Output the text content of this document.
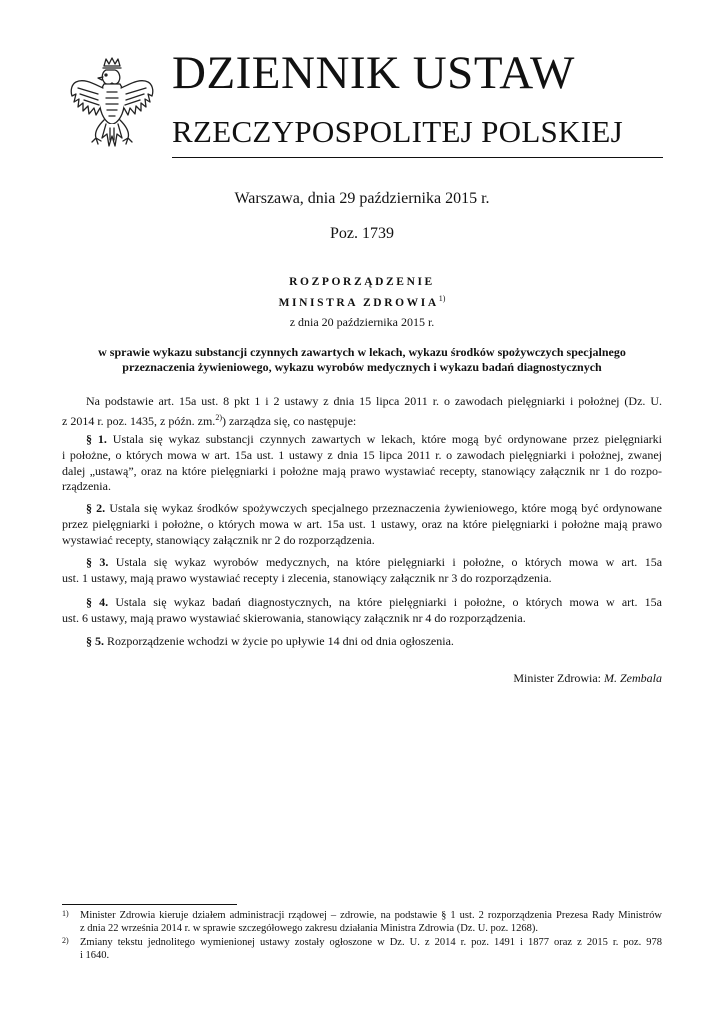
DZIENNIK USTAW
RZECZYPOSPOLITEJ POLSKIEJ
Warszawa, dnia 29 października 2015 r.
Poz. 1739
ROZPORZĄDZENIE
MINISTRA ZDROWIA$^{1)}$
z dnia 20 października 2015 r.
w sprawie wykazu substancji czynnych zawartych w lekach, wykazu środków spożywczych specjalnego
przeznaczenia żywieniowego, wykazu wyrobów medycznych i wykazu badań diagnostycznych
Na podstawie art. 15a ust. 8 pkt 1 i 2 ustawy z dnia 15 lipca 2011 r. o zawodach pielęgniarki i położnej (Dz. U.
z 2014 r. poz. 1435, z późn. zm.$^{2)}$) zarządza się, co następuje:
§ 1. Ustala się wykaz substancji czynnych zawartych w lekach, które mogą być ordynowane przez pielęgniarki
i położne, o których mowa w art. 15a ust. 1 ustawy z dnia 15 lipca 2011 r. o zawodach pielęgniarki i położnej, zwanej
dalej „ustawą”, oraz na które pielęgniarki i położne mają prawo wystawiać recepty, stanowiący załącznik nr 1 do rozpo-
rządzenia.
§ 2. Ustala się wykaz środków spożywczych specjalnego przeznaczenia żywieniowego, które mogą być ordynowane
przez pielęgniarki i położne, o których mowa w art. 15a ust. 1 ustawy, oraz na które pielęgniarki i położne mają prawo
wystawiać recepty, stanowiący załącznik nr 2 do rozporządzenia.
§ 3. Ustala się wykaz wyrobów medycznych, na które pielęgniarki i położne, o których mowa w art. 15a
ust. 1 ustawy, mają prawo wystawiać recepty i zlecenia, stanowiący załącznik nr 3 do rozporządzenia.
§ 4. Ustala się wykaz badań diagnostycznych, na które pielęgniarki i położne, o których mowa w art. 15a
ust. 6 ustawy, mają prawo wystawiać skierowania, stanowiący załącznik nr 4 do rozporządzenia.
§ 5. Rozporządzenie wchodzi w życie po upływie 14 dni od dnia ogłoszenia.
Minister Zdrowia: M. Zembala
1) Minister Zdrowia kieruje działem administracji rządowej – zdrowie, na podstawie § 1 ust. 2 rozporządzenia Prezesa Rady Ministrów
z dnia 22 września 2014 r. w sprawie szczegółowego zakresu działania Ministra Zdrowia (Dz. U. poz. 1268).
2) Zmiany tekstu jednolitego wymienionej ustawy zostały ogłoszone w Dz. U. z 2014 r. poz. 1491 i 1877 oraz z 2015 r. poz. 978
i 1640.
